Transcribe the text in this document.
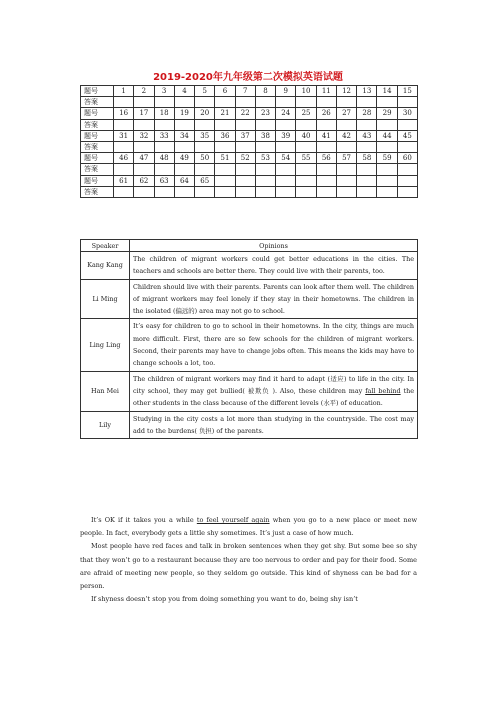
2019-2020年九年级第二次模拟英语试题
题号	1	2	3	4	5	6	7	8	9	10	11	12	13	14	15
答案															
题号	16	17	18	19	20	21	22	23	24	25	26	27	28	29	30
答案															
题号	31	32	33	34	35	36	37	38	39	40	41	42	43	44	45
答案															
题号	46	47	48	49	50	51	52	53	54	55	56	57	58	59	60
答案															
题号	61	62	63	64	65										
答案															
Speaker	Opinions
Kang Kang	The children of migrant workers could get better educations in the cities. The teachers and schools are better there. They could live with their parents, too.
Li Ming	Children should live with their parents. Parents can look after them well. The children of migrant workers may feel lonely if they stay in their hometowns. The children in the isolated (偏远的) area may not go to school.
Ling Ling	It’s easy for children to go to school in their hometowns. In the city, things are much more difficult. First, there are so few schools for the children of migrant workers. Second, their parents may have to change jobs often. This means the kids may have to change schools a lot, too.
Han Mei	The children of migrant workers may find it hard to adapt (适应) to life in the city. In city school, they may get bullied( 被欺负 ). Also, these children may fall behind the other students in the class because of the different levels (水平) of education.
Lily	Studying in the city costs a lot more than studying in the countryside. The cost may add to the burdens( 负担) of the parents.

It’s OK if it takes you a while to feel yourself again when you go to a new place or meet new people. In fact, everybody gets a little shy sometimes. It’s just a case of how much.

Most people have red faces and talk in broken sentences when they get shy. But some bee so shy that they won’t go to a restaurant because they are too nervous to order and pay for their food. Some are afraid of meeting new people, so they seldom go outside. This kind of shyness can be bad for a person.

If shyness doesn’t stop you from doing something you want to do, being shy isn’t
